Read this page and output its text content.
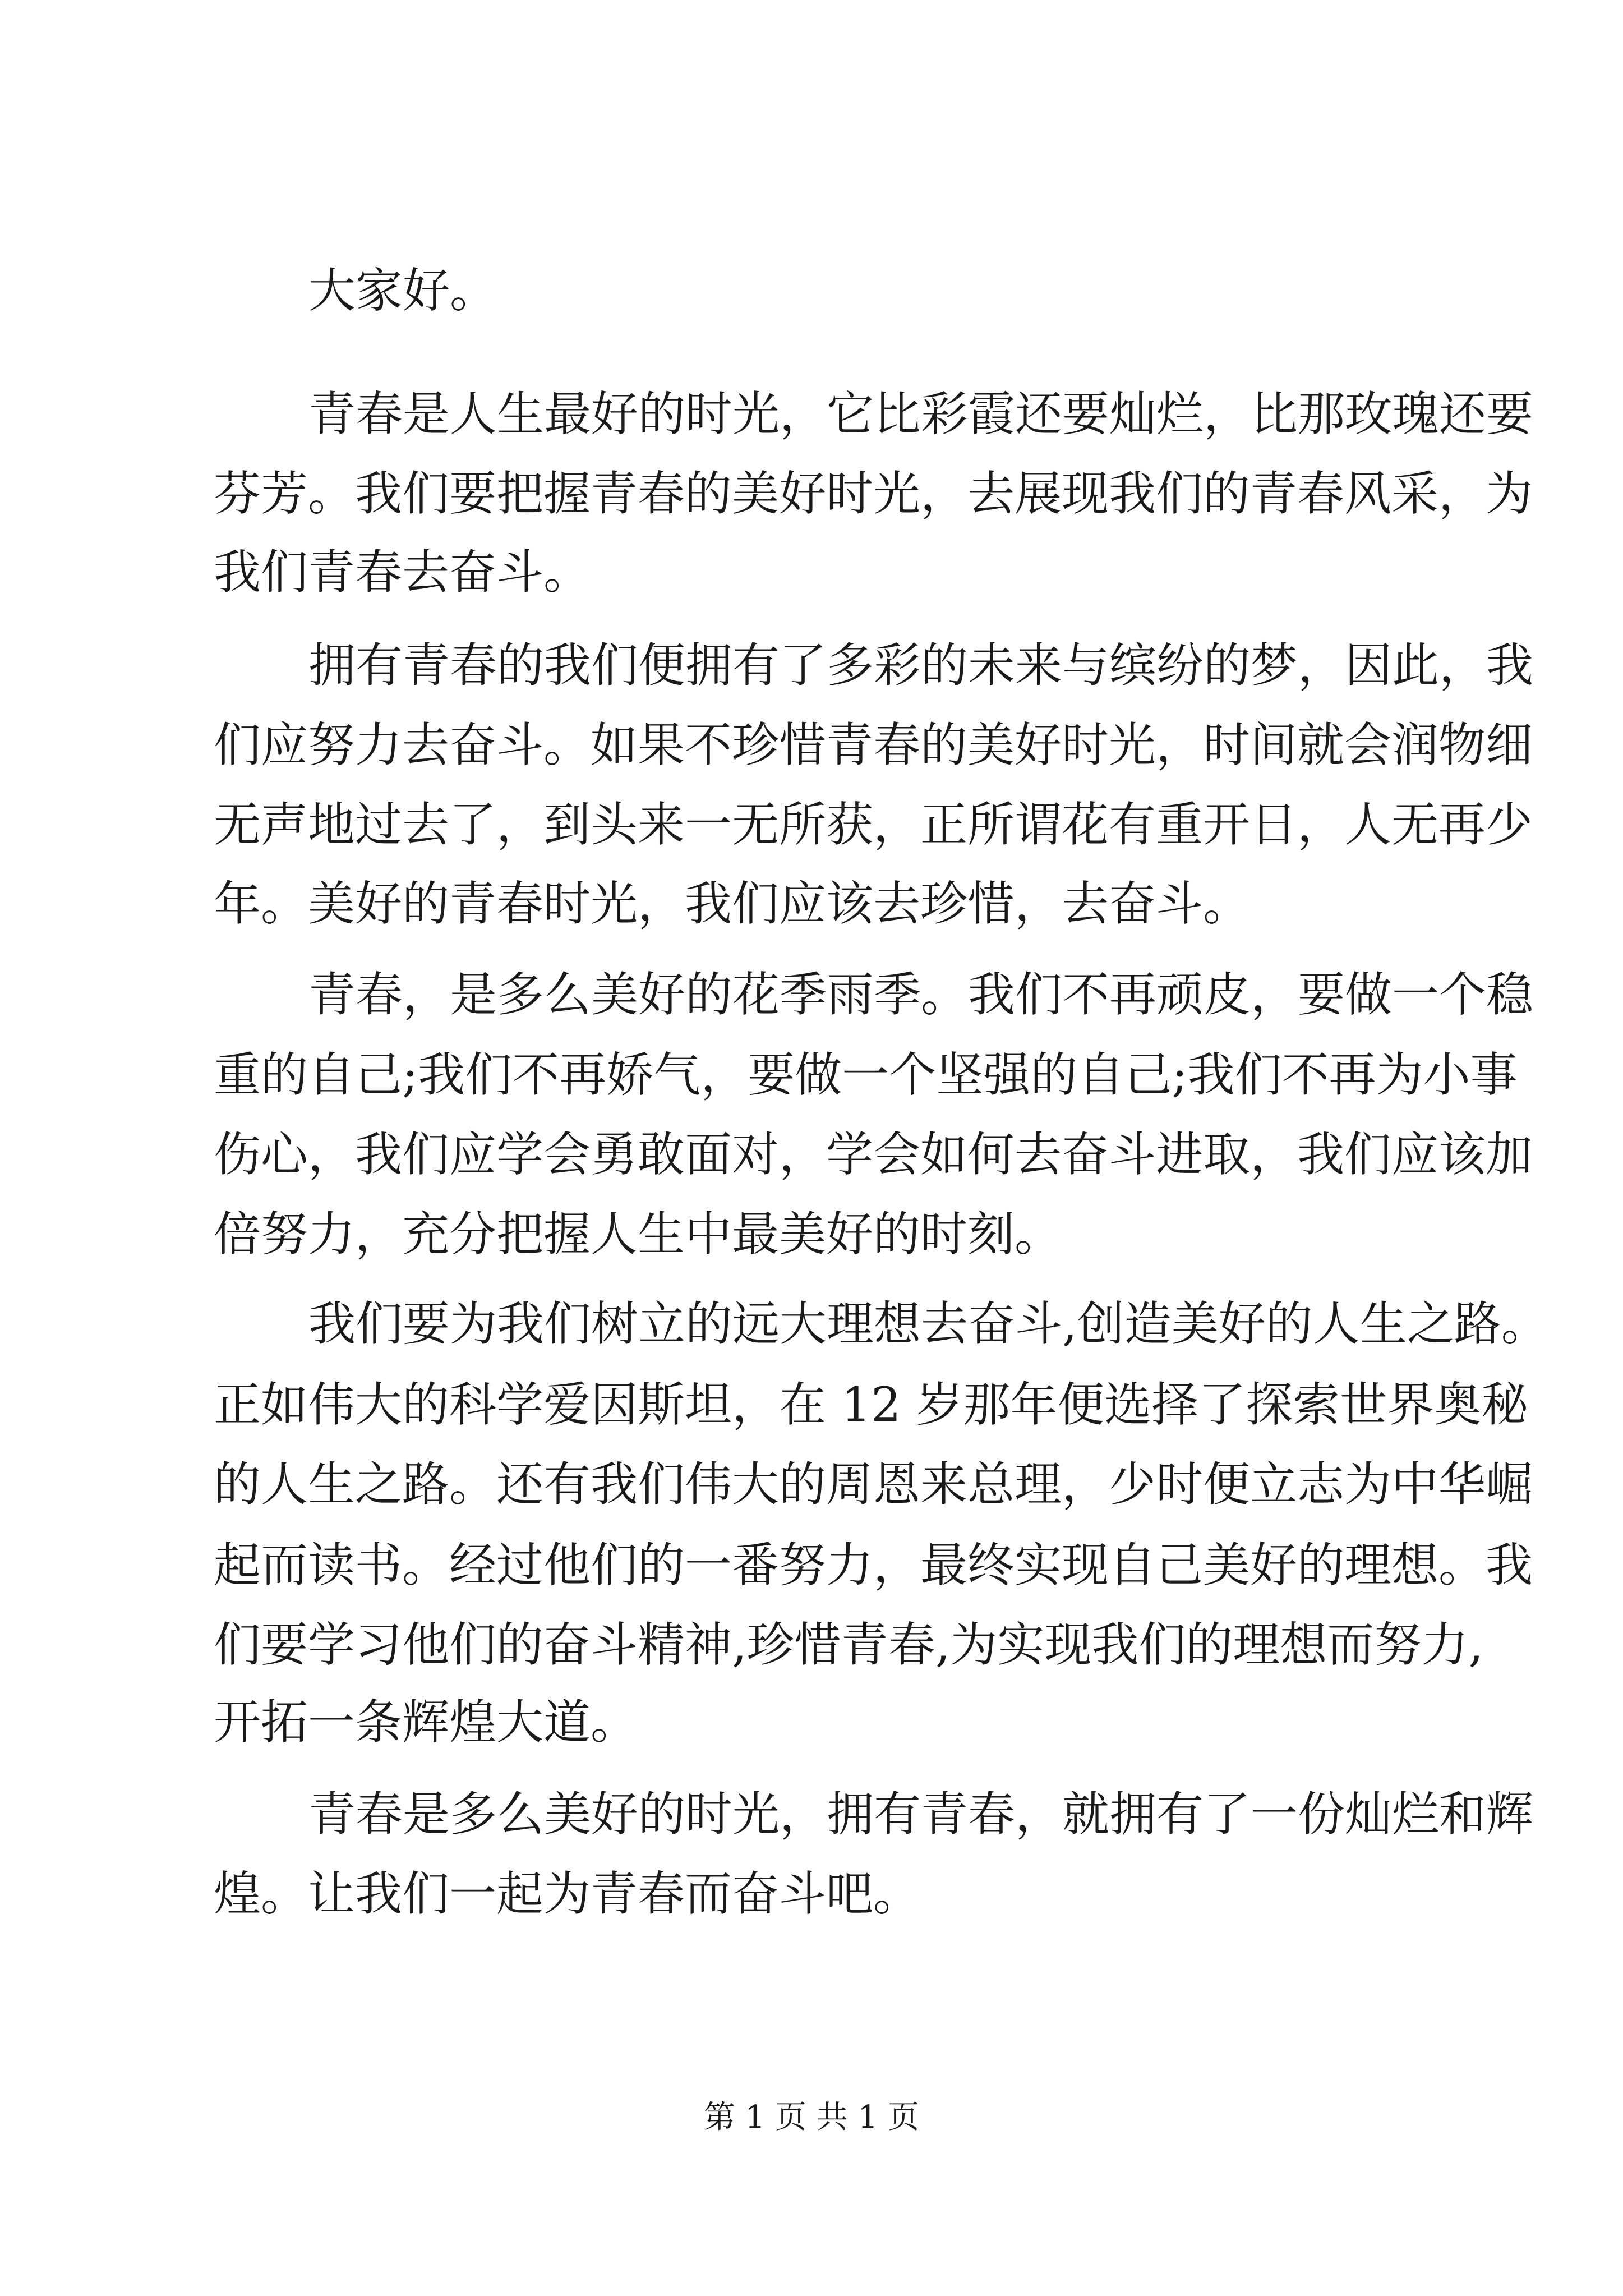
大家好。
青春是人生最好的时光，它比彩霞还要灿烂，比那玫瑰还要
芬芳。我们要把握青春的美好时光，去展现我们的青春风采，为
我们青春去奋斗。
拥有青春的我们便拥有了多彩的未来与缤纷的梦，因此，我
们应努力去奋斗。如果不珍惜青春的美好时光，时间就会润物细
无声地过去了，到头来一无所获，正所谓花有重开日，人无再少
年。美好的青春时光，我们应该去珍惜，去奋斗。
青春，是多么美好的花季雨季。我们不再顽皮，要做一个稳
重的自己;我们不再娇气，要做一个坚强的自己;我们不再为小事
伤心，我们应学会勇敢面对，学会如何去奋斗进取，我们应该加
倍努力，充分把握人生中最美好的时刻。
我们要为我们树立的远大理想去奋斗,创造美好的人生之路。
正如伟大的科学爱因斯坦，在 12 岁那年便选择了探索世界奥秘
的人生之路。还有我们伟大的周恩来总理，少时便立志为中华崛
起而读书。经过他们的一番努力，最终实现自己美好的理想。我
们要学习他们的奋斗精神,珍惜青春,为实现我们的理想而努力,
开拓一条辉煌大道。
青春是多么美好的时光，拥有青春，就拥有了一份灿烂和辉
煌。让我们一起为青春而奋斗吧。
第 1 页 共 1 页
